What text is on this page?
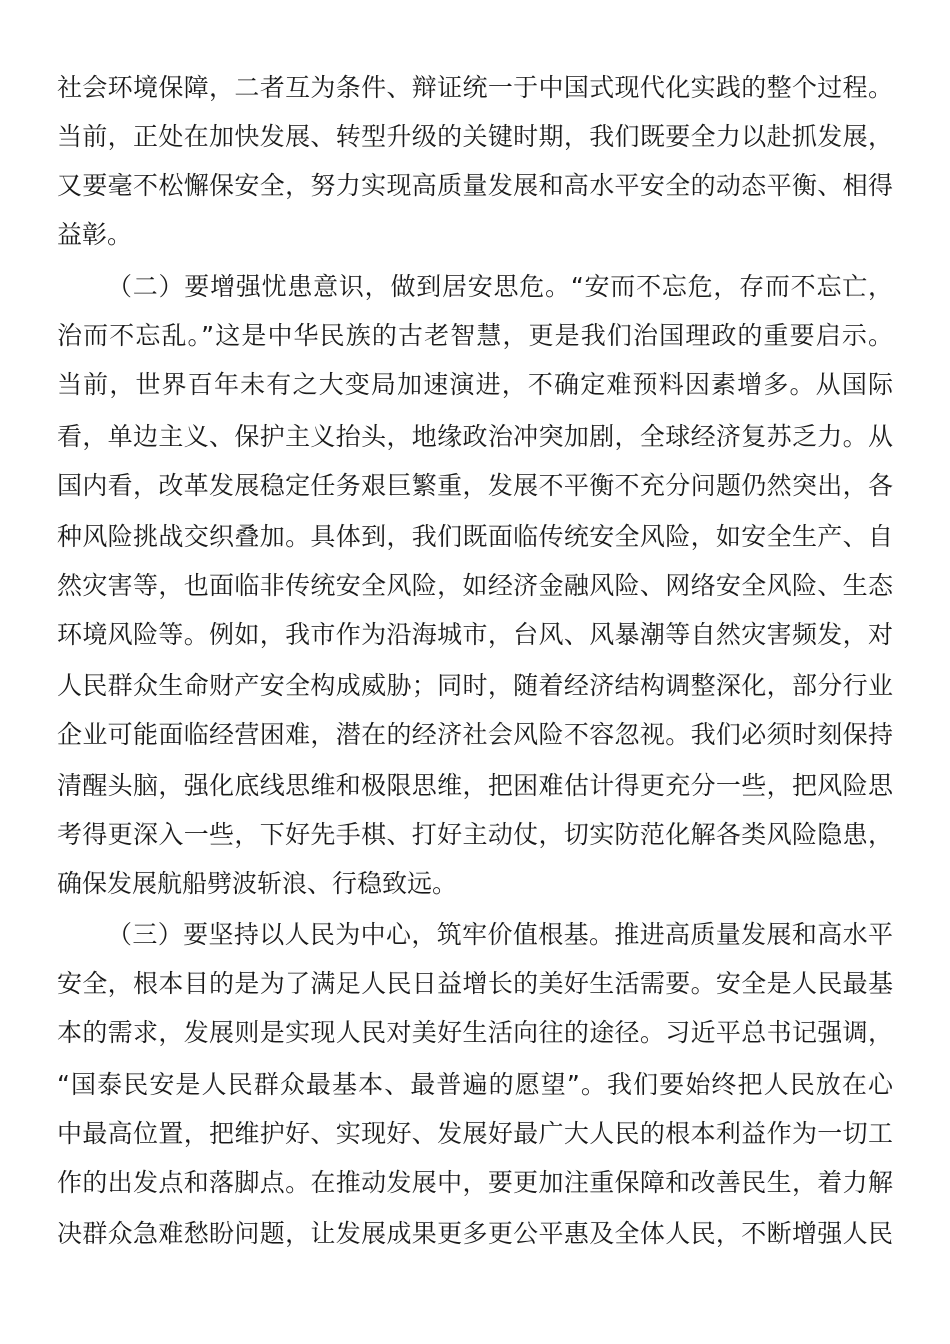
社会环境保障，二者互为条件、辩证统一于中国式现代化实践的整个过程。
当前，正处在加快发展、转型升级的关键时期，我们既要全力以赴抓发展，
又要毫不松懈保安全，努力实现高质量发展和高水平安全的动态平衡、相得
益彰。
（二）要增强忧患意识，做到居安思危。“安而不忘危，存而不忘亡，
治而不忘乱。”这是中华民族的古老智慧，更是我们治国理政的重要启示。
当前，世界百年未有之大变局加速演进，不确定难预料因素增多。从国际
看，单边主义、保护主义抬头，地缘政治冲突加剧，全球经济复苏乏力。从
国内看，改革发展稳定任务艰巨繁重，发展不平衡不充分问题仍然突出，各
种风险挑战交织叠加。具体到，我们既面临传统安全风险，如安全生产、自
然灾害等，也面临非传统安全风险，如经济金融风险、网络安全风险、生态
环境风险等。例如，我市作为沿海城市，台风、风暴潮等自然灾害频发，对
人民群众生命财产安全构成威胁；同时，随着经济结构调整深化，部分行业
企业可能面临经营困难，潜在的经济社会风险不容忽视。我们必须时刻保持
清醒头脑，强化底线思维和极限思维，把困难估计得更充分一些，把风险思
考得更深入一些，下好先手棋、打好主动仗，切实防范化解各类风险隐患，
确保发展航船劈波斩浪、行稳致远。
（三）要坚持以人民为中心，筑牢价值根基。推进高质量发展和高水平
安全，根本目的是为了满足人民日益增长的美好生活需要。安全是人民最基
本的需求，发展则是实现人民对美好生活向往的途径。习近平总书记强调，
“国泰民安是人民群众最基本、最普遍的愿望”。我们要始终把人民放在心
中最高位置，把维护好、实现好、发展好最广大人民的根本利益作为一切工
作的出发点和落脚点。在推动发展中，要更加注重保障和改善民生，着力解
决群众急难愁盼问题，让发展成果更多更公平惠及全体人民，不断增强人民
